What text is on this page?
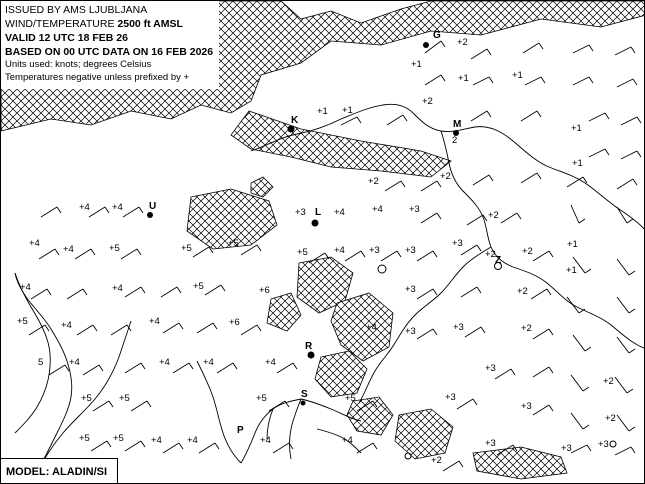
ISSUED BY AMS LJUBLJANA
WIND/TEMPERATURE 2500 ft AMSL
VALID 12 UTC 18 FEB 26
BASED ON 00 UTC DATA ON 16 FEB 2026
Units used: knots; degrees Celsius
Temperatures negative unless prefixed by +
+2
+1
+1	+1
+1 +1
2
+2
+1
+1
+2	+2
+3	+4	+4	+3
+2
+4 +4
+4
+4	+5	+5	+5
+5	+4	+3	+3
+3
+2	+2
+1
+1
+4	+4	+5	+6	+3	+2
+5	+4	+4	+6	+4	+3	+3	+2
5	+4	+4	+4	+4
+3
+2
+5	+5	+5	+5	+3
+3
+2
+5 +5	+4	+4	+4	+4	+3	+3	+3
+2
G
K	M
L
U
Z
R
S
P
MODEL: ALADIN/SI
